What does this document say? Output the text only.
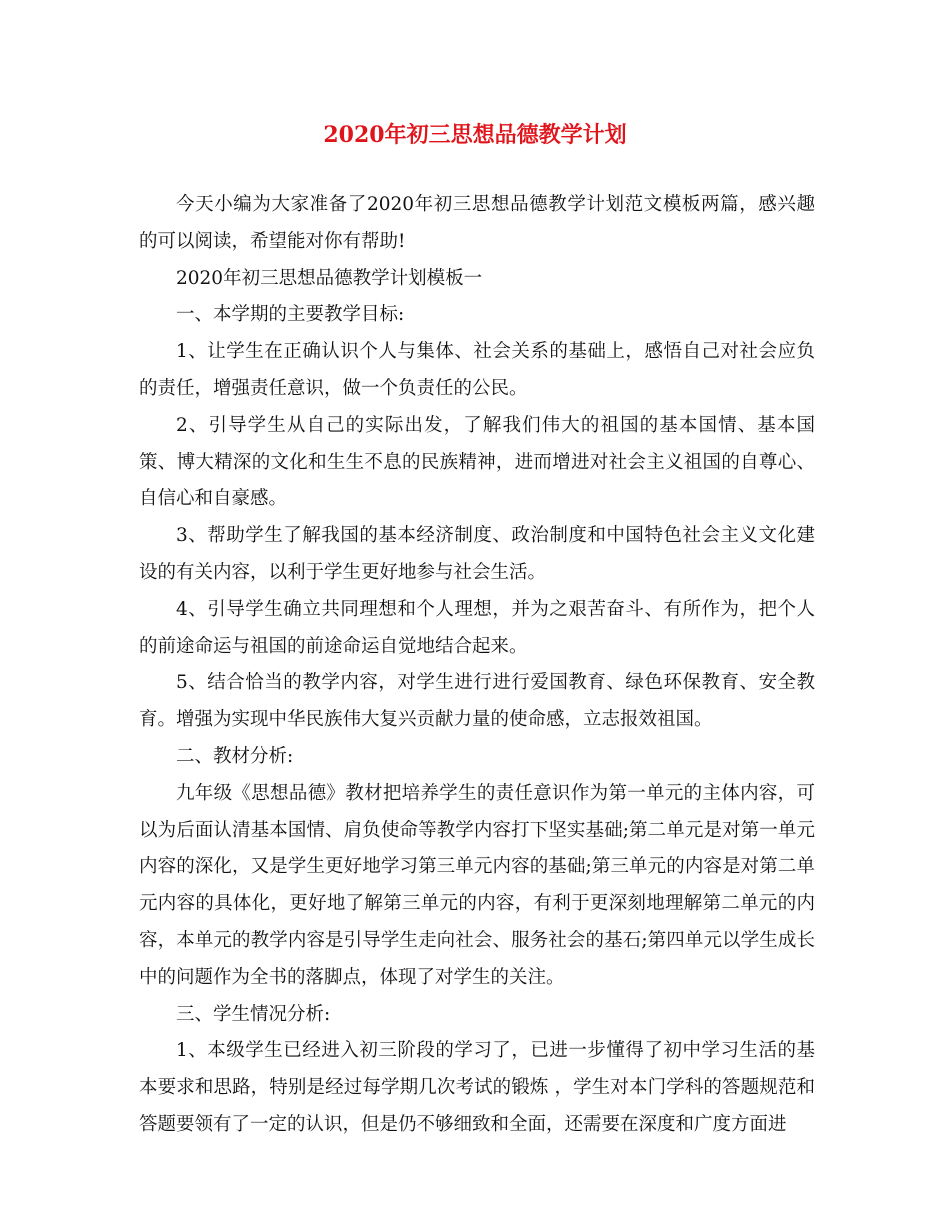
2020年初三思想品德教学计划

今天小编为大家准备了2020年初三思想品德教学计划范文模板两篇，感兴趣的可以阅读，希望能对你有帮助!

2020年初三思想品德教学计划模板一

一、本学期的主要教学目标:

1、让学生在正确认识个人与集体、社会关系的基础上，感悟自己对社会应负的责任，增强责任意识，做一个负责任的公民。

2、引导学生从自己的实际出发，了解我们伟大的祖国的基本国情、基本国策、博大精深的文化和生生不息的民族精神，进而增进对社会主义祖国的自尊心、自信心和自豪感。

3、帮助学生了解我国的基本经济制度、政治制度和中国特色社会主义文化建设的有关内容，以利于学生更好地参与社会生活。

4、引导学生确立共同理想和个人理想，并为之艰苦奋斗、有所作为，把个人的前途命运与祖国的前途命运自觉地结合起来。

5、结合恰当的教学内容，对学生进行进行爱国教育、绿色环保教育、安全教育。增强为实现中华民族伟大复兴贡献力量的使命感，立志报效祖国。

二、教材分析:

九年级《思想品德》教材把培养学生的责任意识作为第一单元的主体内容，可以为后面认清基本国情、肩负使命等教学内容打下坚实基础;第二单元是对第一单元内容的深化，又是学生更好地学习第三单元内容的基础;第三单元的内容是对第二单元内容的具体化，更好地了解第三单元的内容，有利于更深刻地理解第二单元的内容，本单元的教学内容是引导学生走向社会、服务社会的基石;第四单元以学生成长中的问题作为全书的落脚点，体现了对学生的关注。

三、学生情况分析:

1、本级学生已经进入初三阶段的学习了，已进一步懂得了初中学习生活的基本要求和思路，特别是经过每学期几次考试的锻炼 ，学生对本门学科的答题规范和答题要领有了一定的认识，但是仍不够细致和全面，还需要在深度和广度方面进
